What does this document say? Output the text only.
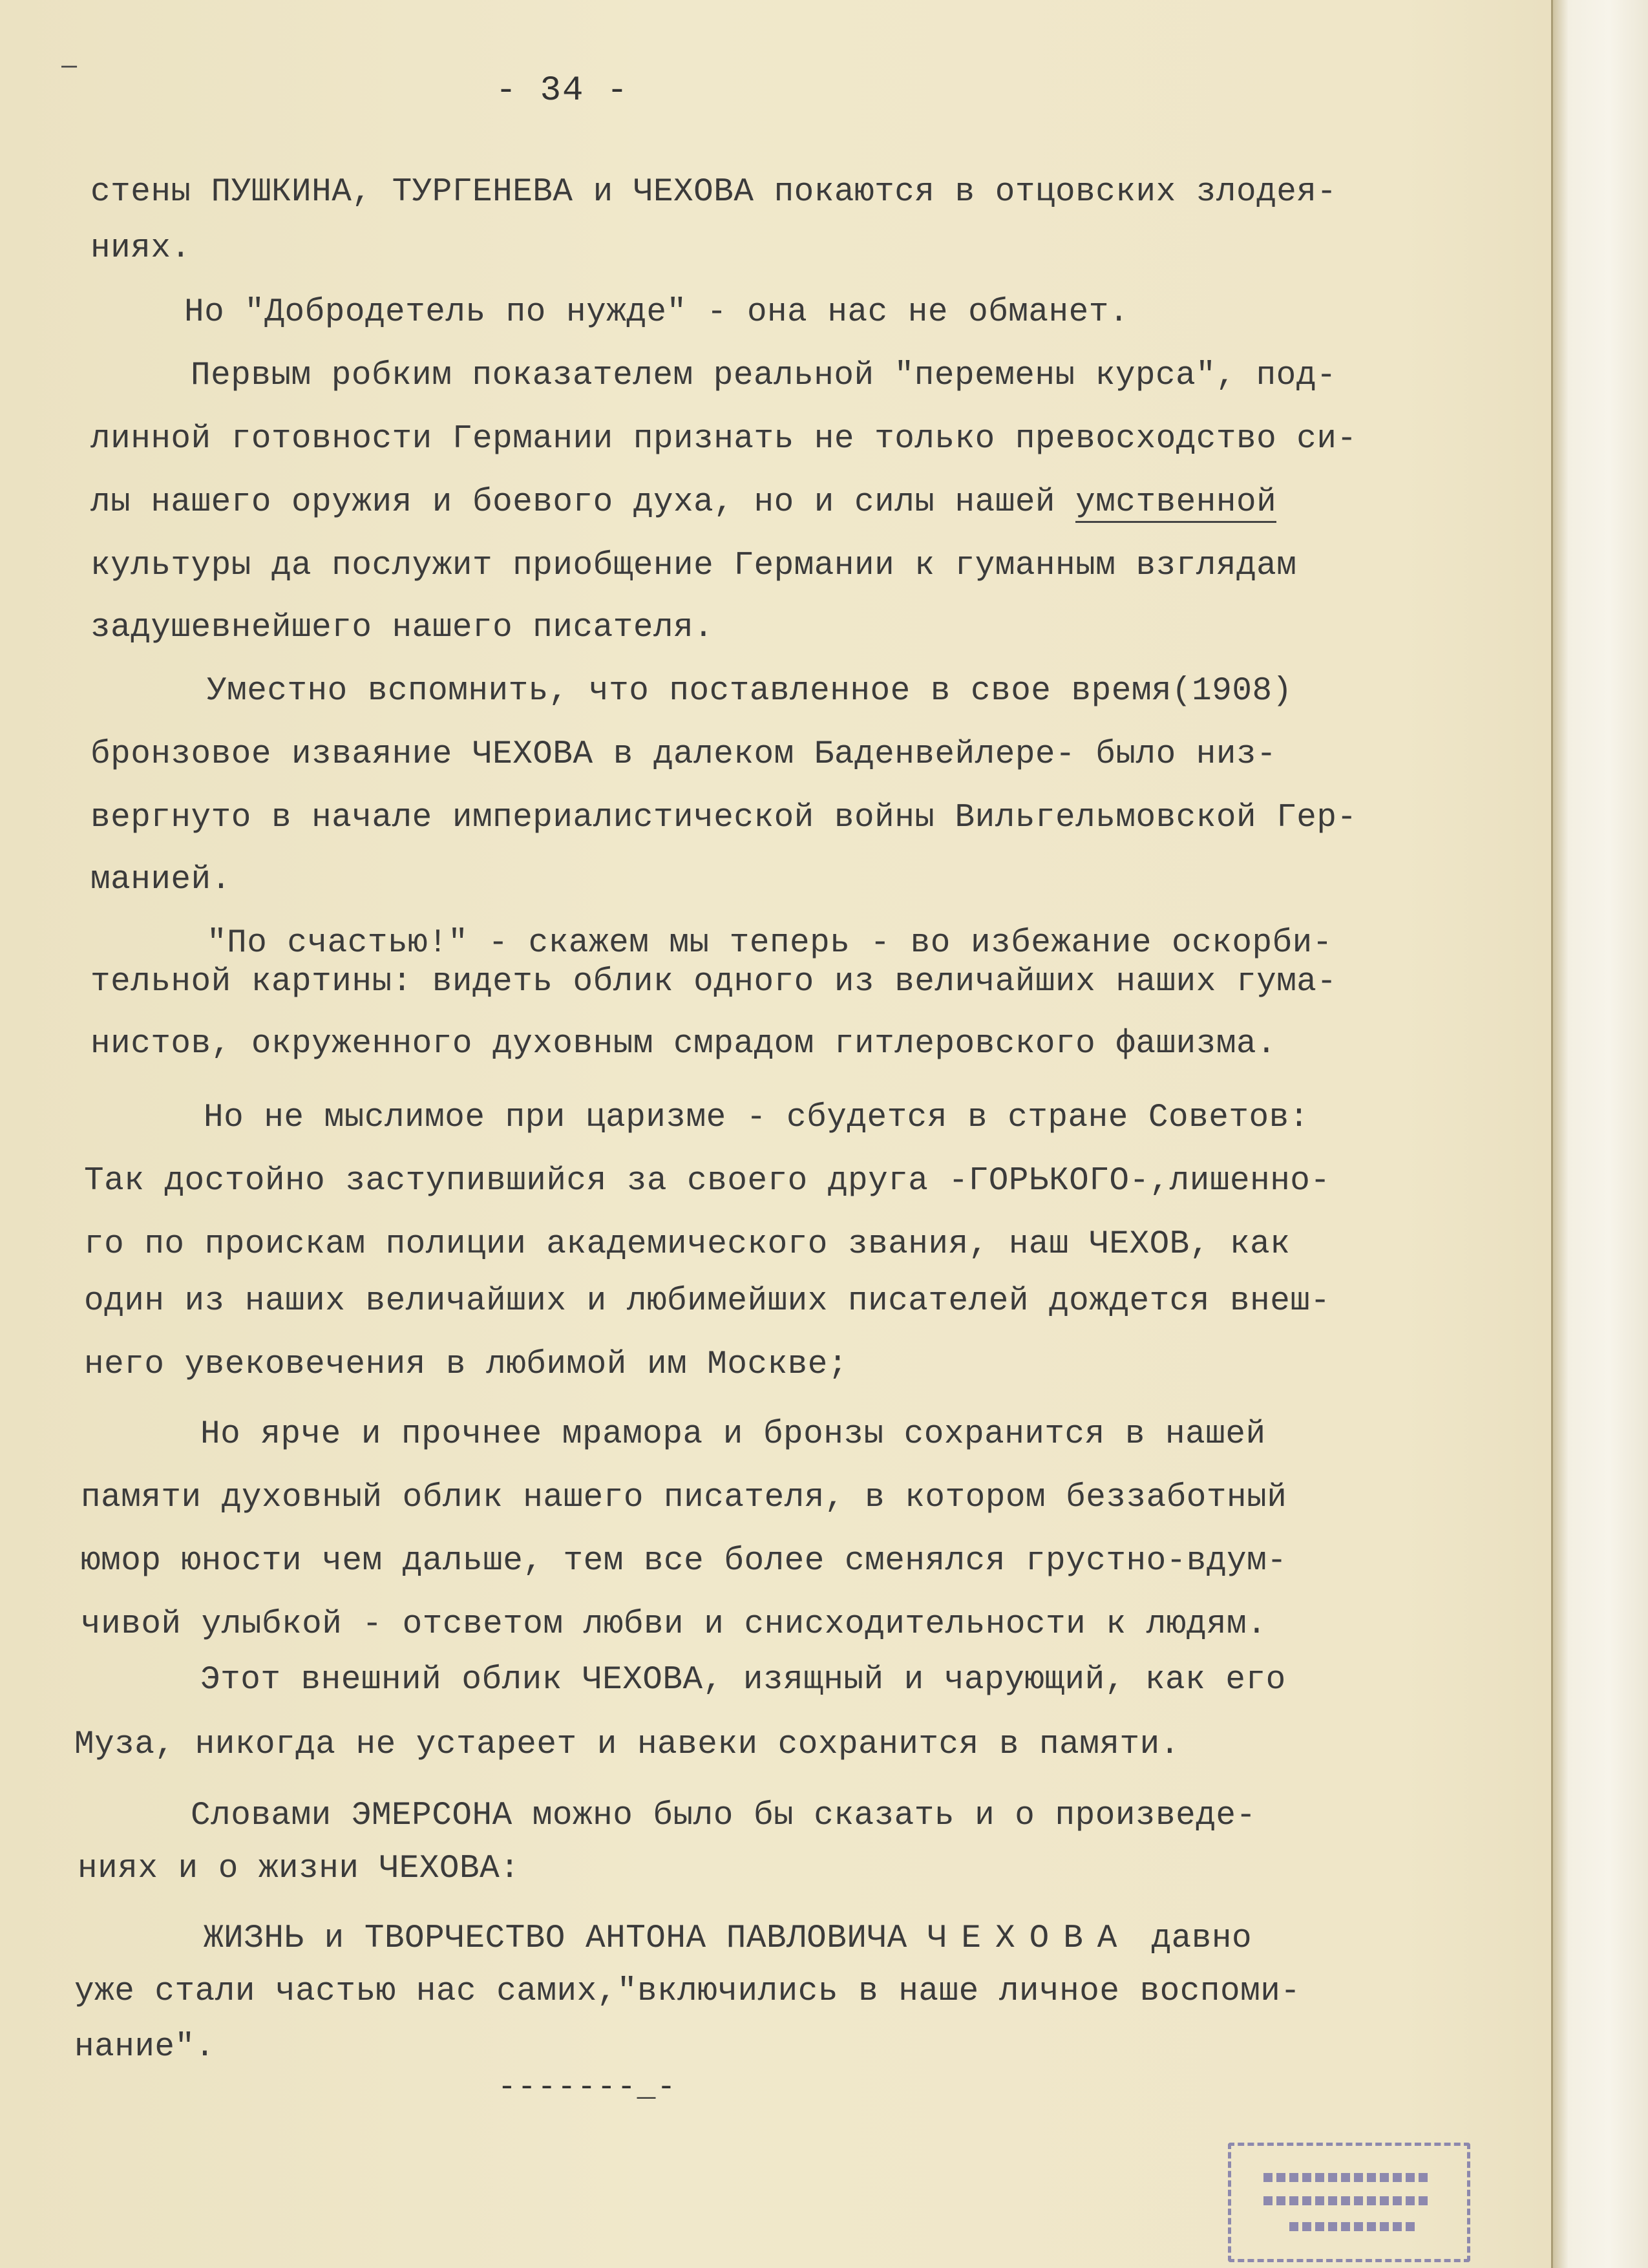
–
- 34 -
стены ПУШКИНА, ТУРГЕНЕВА и ЧЕХОВА покаются в отцовских злодея-
ниях.
Но "Добродетель по нужде" - она нас не обманет.
Первым робким показателем реальной "перемены курса", под-
линной готовности Германии признать не только превосходство си-
лы нашего оружия и боевого духа, но и силы нашей умственной
культуры да послужит приобщение Германии к гуманным взглядам
задушевнейшего нашего писателя.
Уместно вспомнить, что поставленное в свое время(1908)
бронзовое изваяние ЧЕХОВА в далеком Баденвейлере- было низ-
вергнуто в начале империалистической войны Вильгельмовской Гер-
манией.
"По счастью!" - скажем мы теперь - во избежание оскорби-
тельной картины: видеть облик одного из величайших наших гума-
нистов, окруженного духовным смрадом гитлеровского фашизма.
Но не мыслимое при царизме - сбудется в стране Советов:
Так достойно заступившийся за своего друга -ГОРЬКОГО-,лишенно-
го по проискам полиции академического звания, наш ЧЕХОВ, как
один из наших величайших и любимейших писателей дождется внеш-
него увековечения в любимой им Москве;
Но ярче и прочнее мрамора и бронзы сохранится в нашей
памяти духовный облик нашего писателя, в котором беззаботный
юмор юности чем дальше, тем все более сменялся грустно-вдум-
чивой улыбкой - отсветом любви и снисходительности к людям.
Этот внешний облик ЧЕХОВА, изящный и чарующий, как его
Муза, никогда не устареет и навеки сохранится в памяти.
Словами ЭМЕРСОНА можно было бы сказать и о произведе-
ниях и о жизни ЧЕХОВА:
ЖИЗНЬ и ТВОРЧЕСТВО АНТОНА ПАВЛОВИЧА ЧЕХОВА давно
уже стали частью нас самих,"включились в наше личное воспоми-
нание".
-------_-
